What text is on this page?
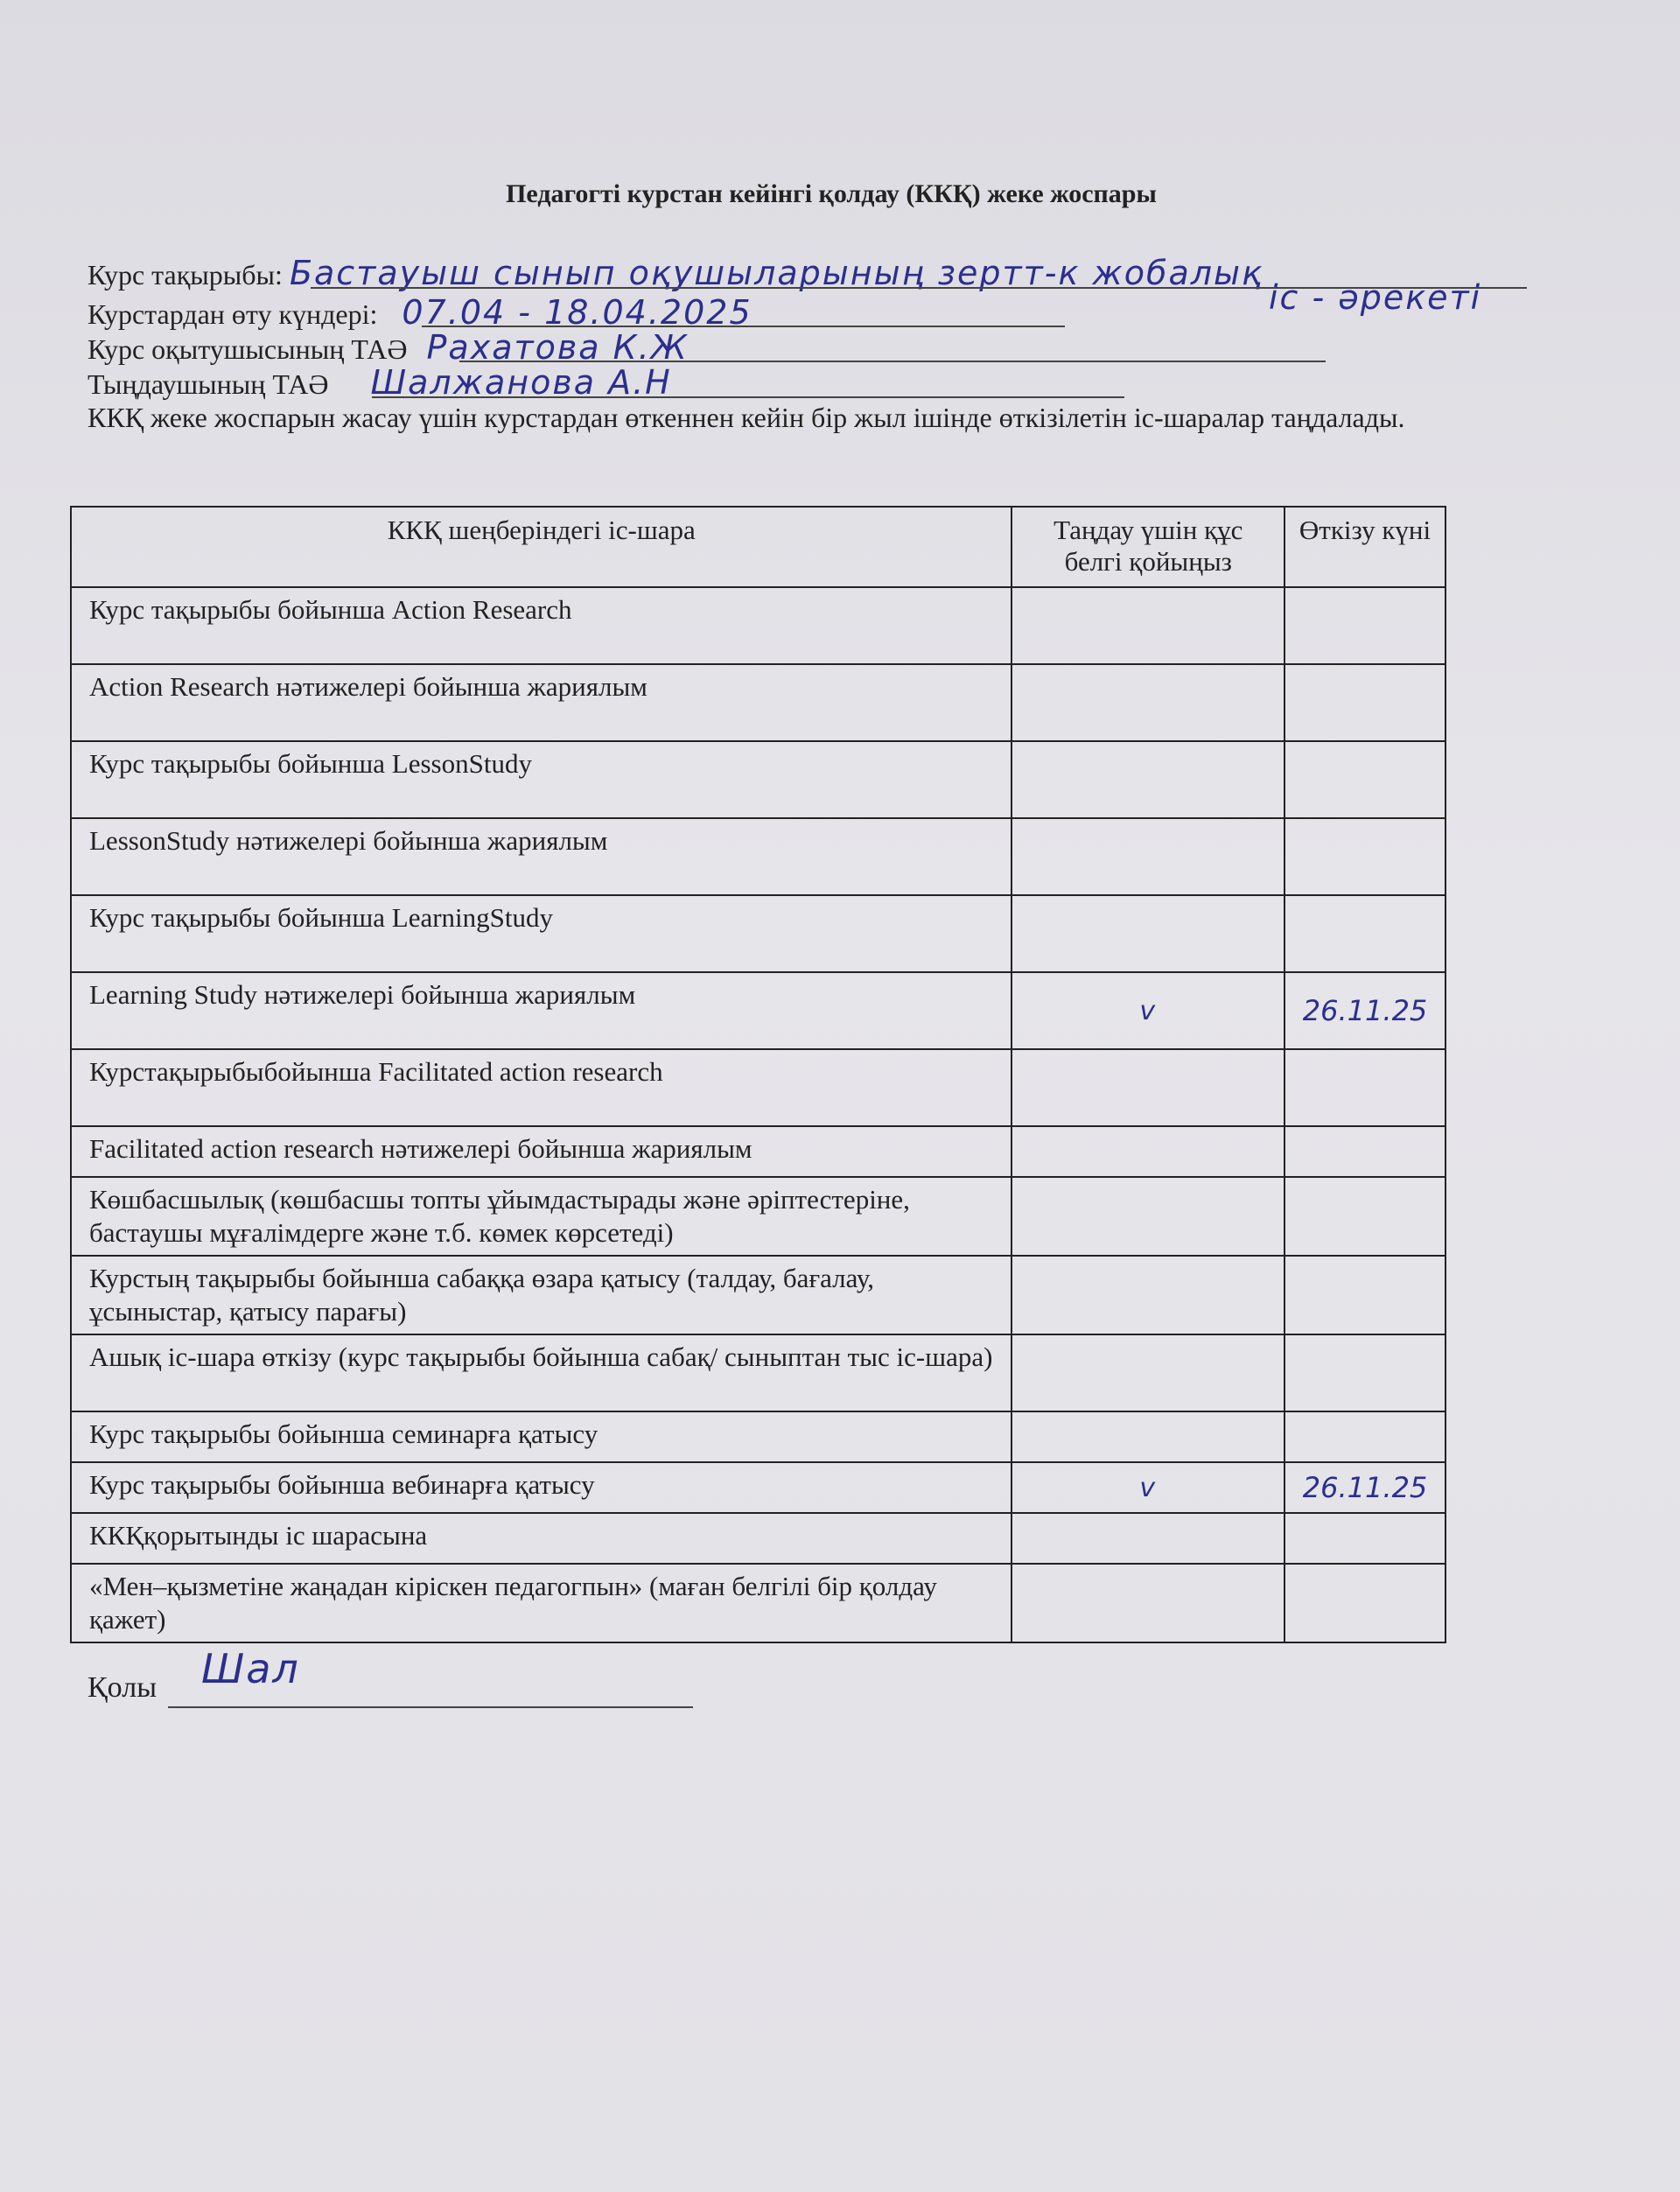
Педагогті курстан кейінгі қолдау (ККҚ) жеке жоспары
Курс тақырыбы: Бастауыш сынып оқушыларының зертт-к жобалық
іс - әрекеті
Курстардан өту күндері: 07.04 - 18.04.2025
Курс оқытушысының ТАӘ Рахатова К.Ж
Тыңдаушының ТАӘ Шалжанова А.Н
ККҚ жеке жоспарын жасау үшін курстардан өткеннен кейін бір жыл ішінде өткізілетін іс-шаралар таңдалады.
ККҚ шеңберіндегі іс-шара	Таңдау үшін құс белгі қойыңыз	Өткізу күні
Курс тақырыбы бойынша Action Research		
Action Research нәтижелері бойынша жариялым		
Курс тақырыбы бойынша LessonStudy		
LessonStudy нәтижелері бойынша жариялым		
Курс тақырыбы бойынша LearningStudy		
Learning Study нәтижелері бойынша жариялым	v	26.11.25
Курстақырыбыбойынша Facilitated action research		
Facilitated action research нәтижелері бойынша жариялым		
Көшбасшылық (көшбасшы топты ұйымдастырады және әріптестеріне, бастаушы мұғалімдерге және т.б. көмек көрсетеді)		
Курстың тақырыбы бойынша сабаққа өзара қатысу (талдау, бағалау, ұсыныстар, қатысу парағы)		
Ашық іс-шара өткізу (курс тақырыбы бойынша сабақ/ сыныптан тыс іс-шара)		
Курс тақырыбы бойынша семинарға қатысу		
Курс тақырыбы бойынша вебинарға қатысу	v	26.11.25
ККҚқорытынды іс шарасына		
«Мен–қызметіне жаңадан кіріскен педагогпын» (маған белгілі бір қолдау қажет)		
Қолы Шал
